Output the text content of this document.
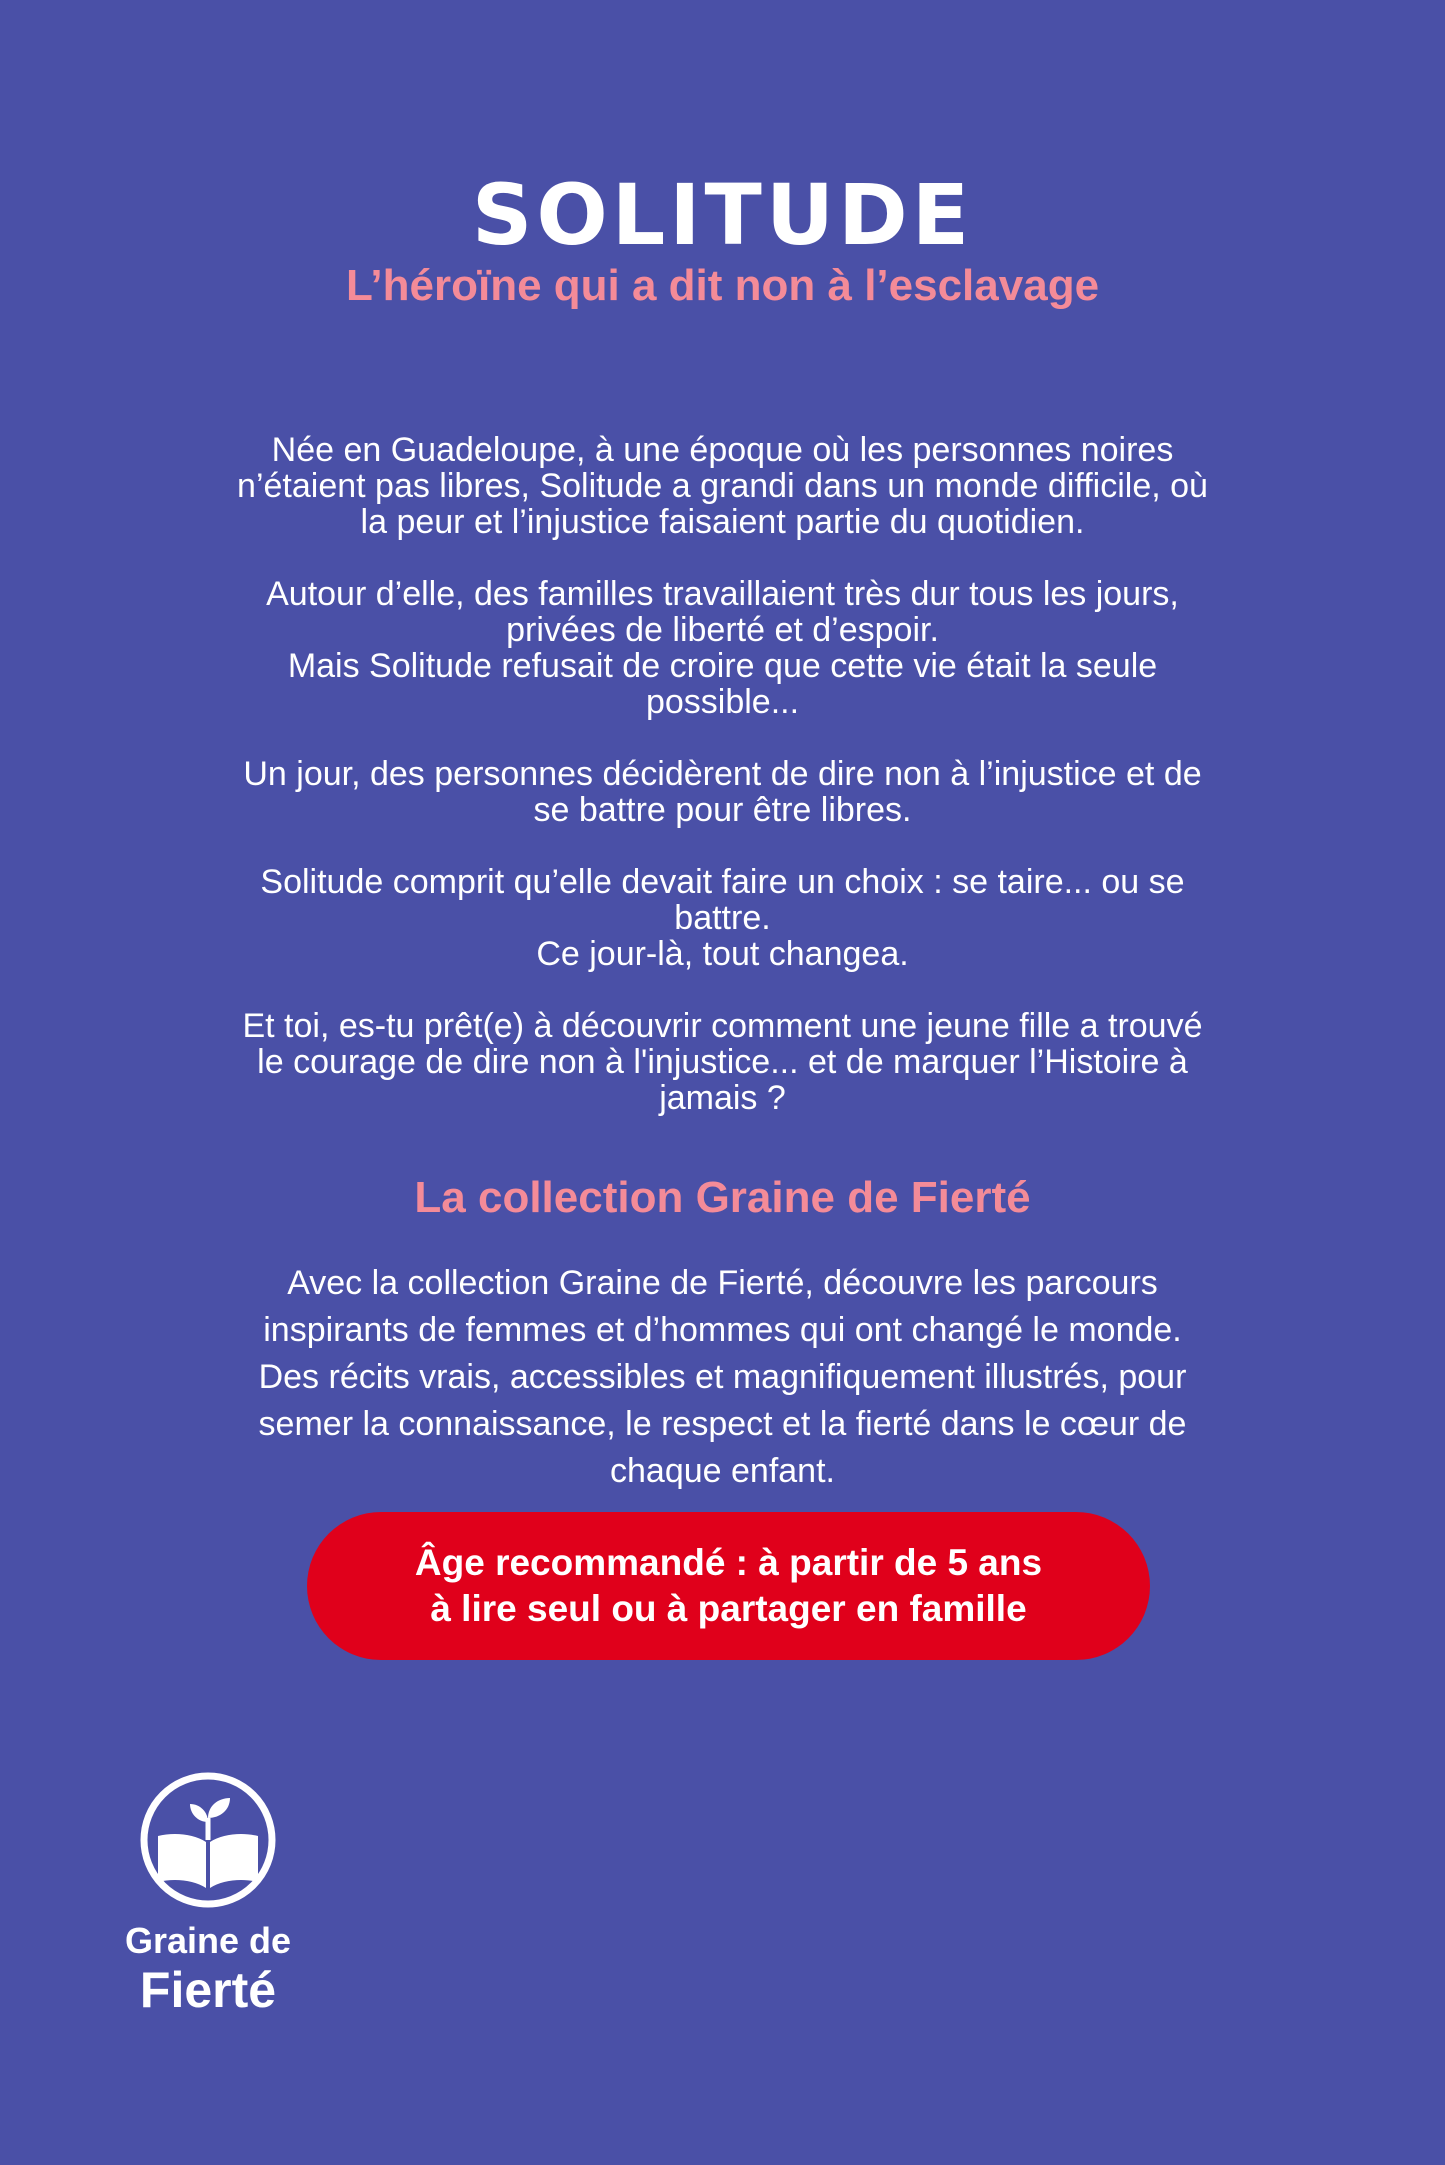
SOLITUDE
L’héroïne qui a dit non à l’esclavage

Née en Guadeloupe, à une époque où les personnes noires
n’étaient pas libres, Solitude a grandi dans un monde difficile, où
la peur et l’injustice faisaient partie du quotidien.

Autour d’elle, des familles travaillaient très dur tous les jours,
privées de liberté et d’espoir.
Mais Solitude refusait de croire que cette vie était la seule
possible...

Un jour, des personnes décidèrent de dire non à l’injustice et de
se battre pour être libres.

Solitude comprit qu’elle devait faire un choix : se taire... ou se
battre.
Ce jour-là, tout changea.

Et toi, es-tu prêt(e) à découvrir comment une jeune fille a trouvé
le courage de dire non à l'injustice... et de marquer l’Histoire à
jamais ?

La collection Graine de Fierté
Avec la collection Graine de Fierté, découvre les parcours
inspirants de femmes et d’hommes qui ont changé le monde.
Des récits vrais, accessibles et magnifiquement illustrés, pour
semer la connaissance, le respect et la fierté dans le cœur de
chaque enfant.
Âge recommandé : à partir de 5 ans
à lire seul ou à partager en famille
Graine de
Fierté
